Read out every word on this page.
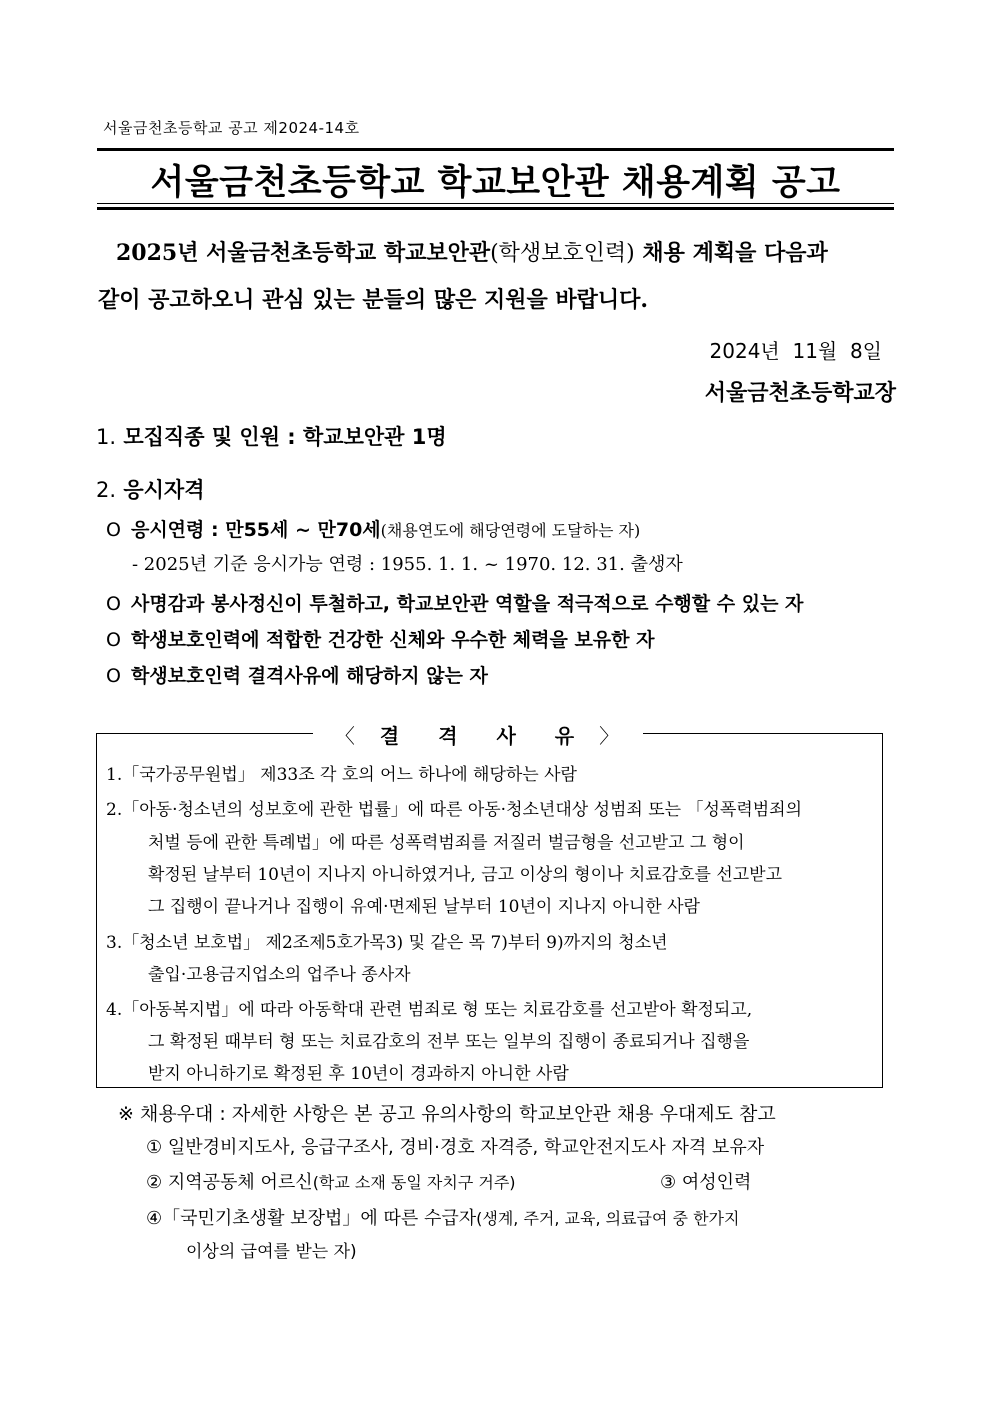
서울금천초등학교 공고 제2024-14호
서울금천초등학교 학교보안관 채용계획 공고
2025년 서울금천초등학교 학교보안관(학생보호인력) 채용 계획을 다음과
같이 공고하오니 관심 있는 분들의 많은 지원을 바랍니다.
2024년  11월  8일
서울금천초등학교장
1. 모집직종 및 인원 : 학교보안관 1명
2. 응시자격
O 응시연령 : 만55세 ~ 만70세(채용연도에 해당연령에 도달하는 자)
- 2025년 기준 응시가능 연령 : 1955. 1. 1. ~ 1970. 12. 31. 출생자
O 사명감과 봉사정신이 투철하고, 학교보안관 역할을 적극적으로 수행할 수 있는 자
O 학생보호인력에 적합한 건강한 신체와 우수한 체력을 보유한 자
O 학생보호인력 결격사유에 해당하지 않는 자
〈 결 격 사 유 〉
1.「국가공무원법」 제33조 각 호의 어느 하나에 해당하는 사람
2.「아동·청소년의 성보호에 관한 법률」에 따른 아동·청소년대상 성범죄 또는 「성폭력범죄의
처벌 등에 관한 특례법」에 따른 성폭력범죄를 저질러 벌금형을 선고받고 그 형이
확정된 날부터 10년이 지나지 아니하였거나, 금고 이상의 형이나 치료감호를 선고받고
그 집행이 끝나거나 집행이 유예·면제된 날부터 10년이 지나지 아니한 사람
3.「청소년 보호법」 제2조제5호가목3) 및 같은 목 7)부터 9)까지의 청소년
출입·고용금지업소의 업주나 종사자
4.「아동복지법」에 따라 아동학대 관련 범죄로 형 또는 치료감호를 선고받아 확정되고,
그 확정된 때부터 형 또는 치료감호의 전부 또는 일부의 집행이 종료되거나 집행을
받지 아니하기로 확정된 후 10년이 경과하지 아니한 사람
※ 채용우대 : 자세한 사항은 본 공고 유의사항의 학교보안관 채용 우대제도 참고
① 일반경비지도사, 응급구조사, 경비·경호 자격증, 학교안전지도사 자격 보유자
② 지역공동체 어르신(학교 소재 동일 자치구 거주)	③ 여성인력
④「국민기초생활 보장법」에 따른 수급자(생계, 주거, 교육, 의료급여 중 한가지
이상의 급여를 받는 자)
